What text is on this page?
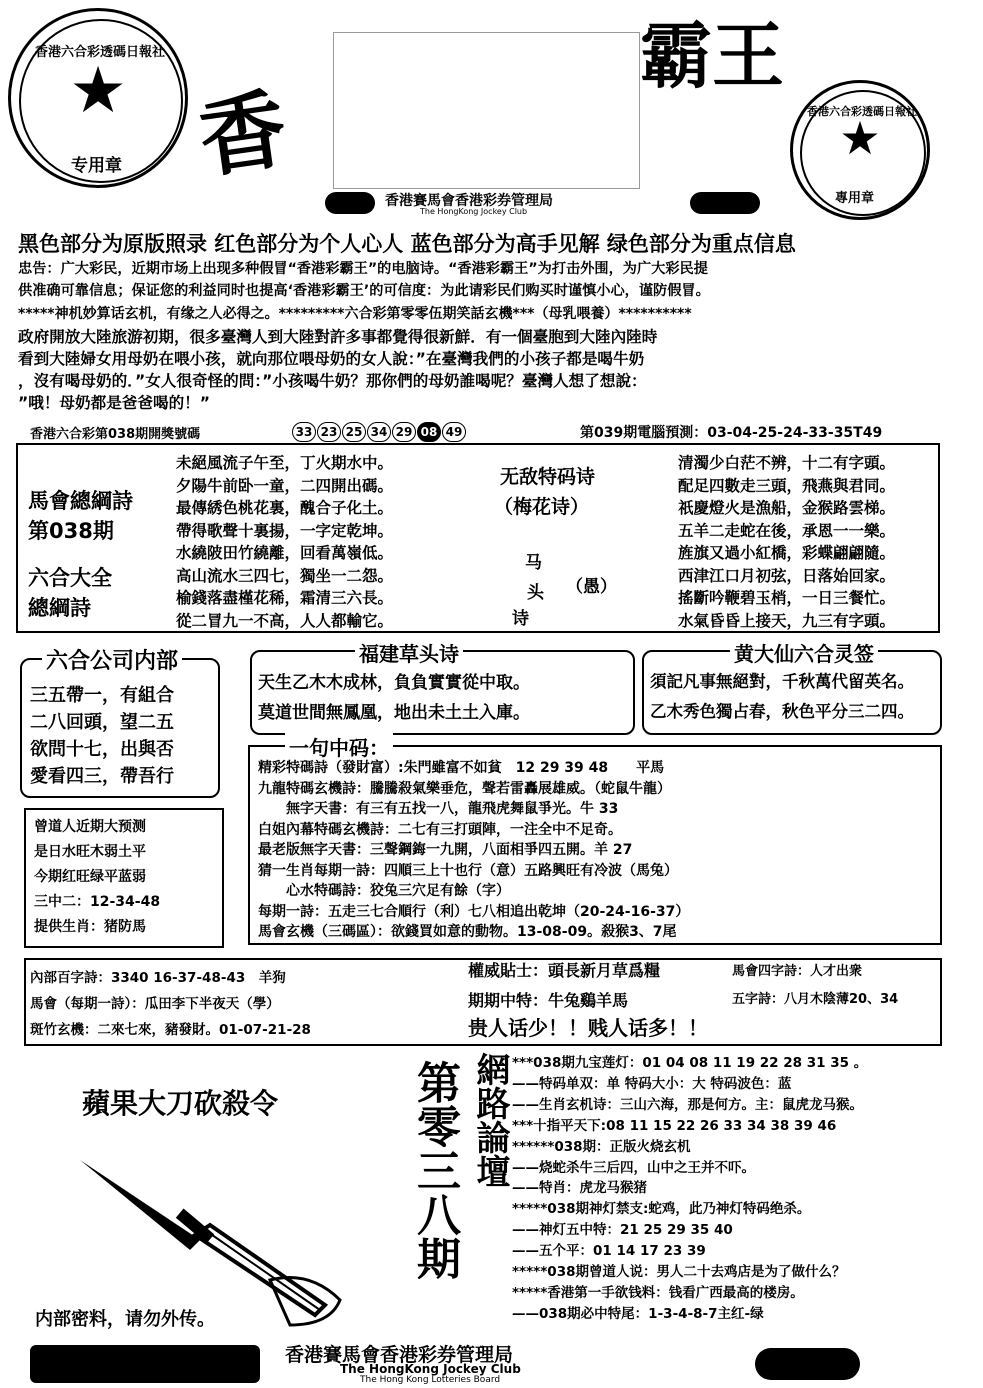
★
香港六合彩透碼日報社
专用章 香
霸王
★
香港六合彩透碼日報社
專用章
香港賽馬會香港彩券管理局
The HongKong Jockey Club
黑色部分为原版照录 红色部分为个人心人 蓝色部分为高手见解 绿色部分为重点信息
忠告：广大彩民，近期市场上出现多种假冒“香港彩霸王”的电脑诗。“香港彩霸王”为打击外围，为广大彩民提
供准确可靠信息；保证您的利益同时也提高‘香港彩霸王’的可信度：为此请彩民们购买时谨慎小心，谨防假冒。
*****神机妙算话玄机，有缘之人必得之。*********六合彩第零零伍期笑話玄機***（母乳喂養）**********
政府開放大陸旅游初期，很多臺灣人到大陸對許多事都覺得很新鮮．有一個臺胞到大陸內陸時
看到大陸婦女用母奶在喂小孩，就向那位喂母奶的女人說：”在臺灣我們的小孩子都是喝牛奶
，沒有喝母奶的．”女人很奇怪的問：”小孩喝牛奶？那你們的母奶誰喝呢？臺灣人想了想說：
”哦！母奶都是爸爸喝的！”
香港六合彩第038期開獎號碼	33 23 25 34 29 08 49	第039期電腦預測：03-04-25-24-33-35T49
馬會總綱詩
第038期
六合大全
總綱詩
未絕風流子午至，丁火期水中。
夕陽牛前卧一童，二四開出碼。
最傳綉色桃花裏，醜合子化土。
帶得歌聲十裏揚，一字定乾坤。
水繞陂田竹繞離，回看萬嶺低。
高山流水三四七，獨坐一二怨。
榆錢落盡槿花稀，霜清三六長。
從二冒九一不高，人人都輸它。
无敌特码诗
（梅花诗）
马
头
诗
（愚）
清濁少白茫不辨，十二有字頭。
配足四數走三頭，飛燕與君同。
祇慶燈火是漁船，金猴路雲梯。
五羊二走蛇在後，承恩一一樂。
旌旗又過小紅橋，彩蝶翩翩隨。
西津江口月初弦，日落始回家。
搖斷吟鞭碧玉梢，一日三餐忙。
水氣昏昏上接天，九三有字頭。
六合公司内部
三五帶一，有組合
二八回頭，望二五
欲問十七，出與否
愛看四三，帶吾行
福建草头诗
天生乙木木成林，負負實實從中取。
莫道世間無鳳凰，地出未土土入庫。
黄大仙六合灵签
須記凡事無絕對，千秋萬代留英名。
乙木秀色獨占春，秋色平分三二四。
一句中码：
精彩特碼詩（發財富）:朱門雖富不如貧　12 29 39 48　　平馬
九龍特碼玄機詩：騰騰殺氣樂垂危，聲若雷轟展雄威。（蛇鼠牛龍）
　　無字天書：有三有五找一八，龍飛虎舞鼠爭光。牛 33
白姐內幕特碼玄機詩：二七有三打頭陣，一注全中不足奇。
最老版無字天書：三聲鋼鋂一九開，八面相爭四五開。羊 27
猜一生肖每期一詩：四順三上十也行（意）五路興旺有冷波（馬兔）
　　心水特碼詩：狡兔三穴足有餘（字）
每期一詩：五走三七合順行（利）七八相追出乾坤（20-24-16-37）
馬會玄機（三碼區）：欲錢買如意的動物。13-08-09。殺猴3、7尾
曾道人近期大预测
是日水旺木弱土平
今期红旺绿平蓝弱
三中二：12-34-48
提供生肖：猪防馬
內部百字詩：3340 16-37-48-43　羊狗
馬會（每期一詩）：瓜田李下半夜天（學）
斑竹玄機：二來七來，豬發財。01-07-21-28
權威貼士：頭長新月草爲糧	馬會四字詩：人才出衆
期期中特：牛兔鷄羊馬	五字詩：八月木陰薄20、34
贵人话少！！贱人话多！！
蘋果大刀砍殺令
内部密料，请勿外传。
第零三八期 網路論壇 ***038期九宝莲灯：01 04 08 11 19 22 28 31 35 。
——特码单双：单 特码大小：大 特码波色：蓝
——生肖玄机诗：三山六海，那是何方。主：鼠虎龙马猴。
***十指平天下:08 11 15 22 26 33 34 38 39 46
******038期：正版火烧玄机
——烧蛇杀牛三后四，山中之王并不吓。
——特肖：虎龙马猴猪
*****038期神灯禁支:蛇鸡，此乃神灯特码绝杀。
——神灯五中特：21 25 29 35 40
——五个平：01 14 17 23 39
*****038期曾道人说：男人二十去鸡店是为了做什么？
*****香港第一手欲钱料：钱看广西最高的楼房。
——038期必中特尾：1-3-4-8-7主红-绿
香港賽馬會香港彩券管理局
The HongKong Jockey Club
The Hong Kong Lotteries Board
